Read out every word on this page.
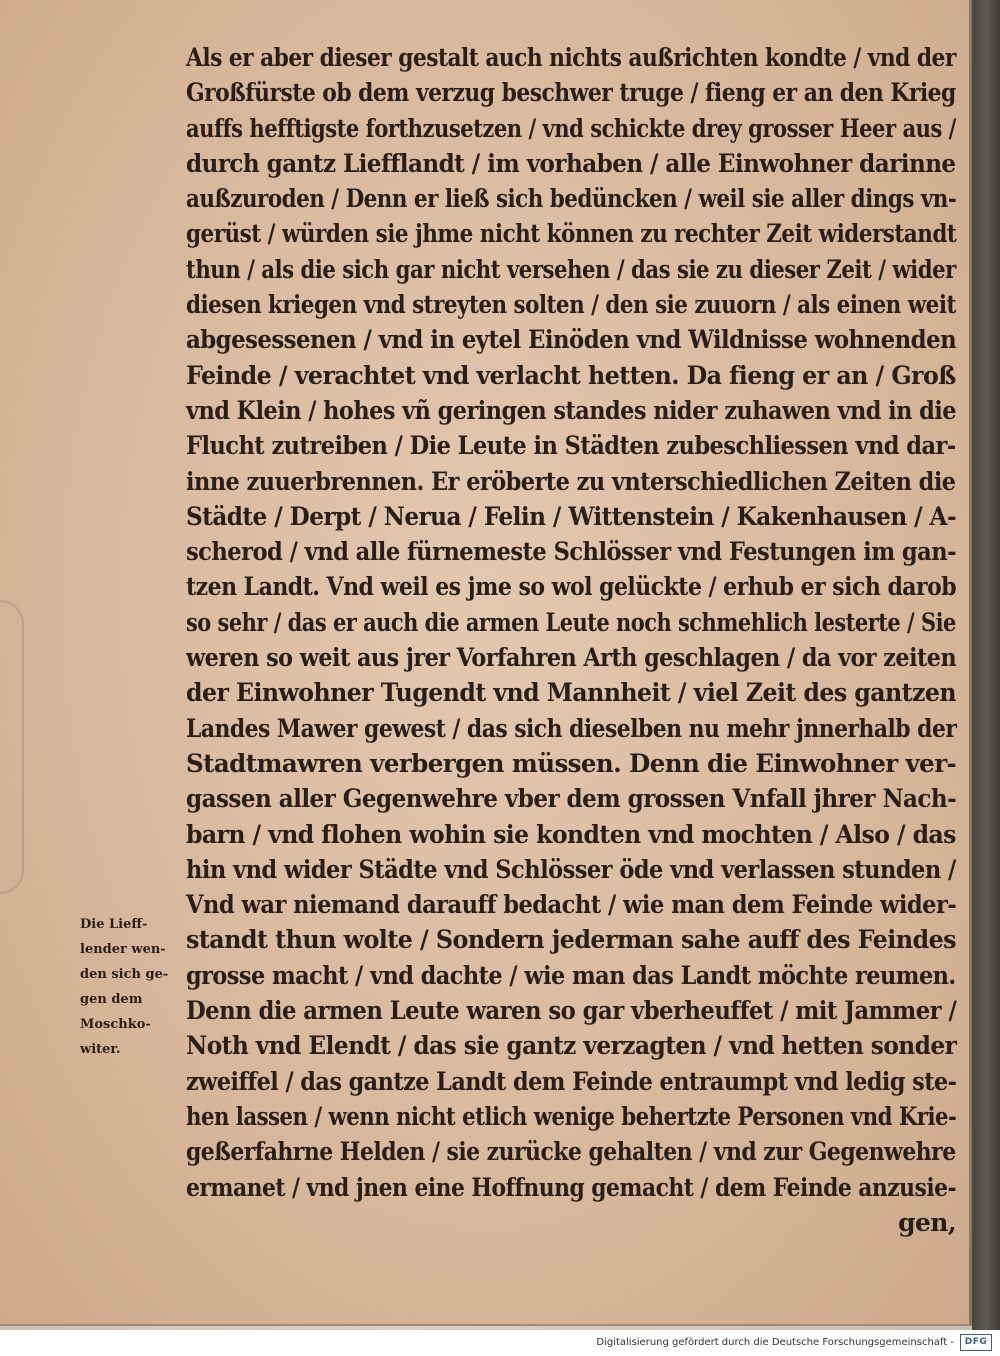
Als er aber dieser gestalt auch nichts außrichten kondte / vnd der
Großfürste ob dem verzug beschwer truge / fieng er an den Krieg
auffs hefftigste forthzusetzen / vnd schickte drey grosser Heer aus /
durch gantz Liefflandt / im vorhaben / alle Einwohner darinne
außzuroden / Denn er ließ sich bedüncken / weil sie aller dings vn-
gerüst / würden sie jhme nicht können zu rechter Zeit widerstandt
thun / als die sich gar nicht versehen / das sie zu dieser Zeit / wider
diesen kriegen vnd streyten solten / den sie zuuorn / als einen weit
abgesessenen / vnd in eytel Einöden vnd Wildnisse wohnenden
Feinde / verachtet vnd verlacht hetten. Da fieng er an / Groß
vnd Klein / hohes vñ geringen standes nider zuhawen vnd in die
Flucht zutreiben / Die Leute in Städten zubeschliessen vnd dar-
inne zuuerbrennen. Er eröberte zu vnterschiedlichen Zeiten die
Städte / Derpt / Nerua / Felin / Wittenstein / Kakenhausen / A-
scherod / vnd alle fürnemeste Schlösser vnd Festungen im gan-
tzen Landt. Vnd weil es jme so wol gelückte / erhub er sich darob
so sehr / das er auch die armen Leute noch schmehlich lesterte / Sie
weren so weit aus jrer Vorfahren Arth geschlagen / da vor zeiten
der Einwohner Tugendt vnd Mannheit / viel Zeit des gantzen
Landes Mawer gewest / das sich dieselben nu mehr jnnerhalb der
Stadtmawren verbergen müssen. Denn die Einwohner ver-
gassen aller Gegenwehre vber dem grossen Vnfall jhrer Nach-
barn / vnd flohen wohin sie kondten vnd mochten / Also / das
hin vnd wider Städte vnd Schlösser öde vnd verlassen stunden /
Vnd war niemand darauff bedacht / wie man dem Feinde wider-
standt thun wolte / Sondern jederman sahe auff des Feindes
grosse macht / vnd dachte / wie man das Landt möchte reumen.
Denn die armen Leute waren so gar vberheuffet / mit Jammer /
Noth vnd Elendt / das sie gantz verzagten / vnd hetten sonder
zweiffel / das gantze Landt dem Feinde entraumpt vnd ledig ste-
hen lassen / wenn nicht etlich wenige behertzte Personen vnd Krie-
geßerfahrne Helden / sie zurücke gehalten / vnd zur Gegenwehre
ermanet / vnd jnen eine Hoffnung gemacht / dem Feinde anzusie-
gen,
Die Lieff-
lender wen-
den sich ge-
gen dem
Moschko-
witer.
Digitalisierung gefördert durch die Deutsche Forschungsgemeinschaft -	DFG
